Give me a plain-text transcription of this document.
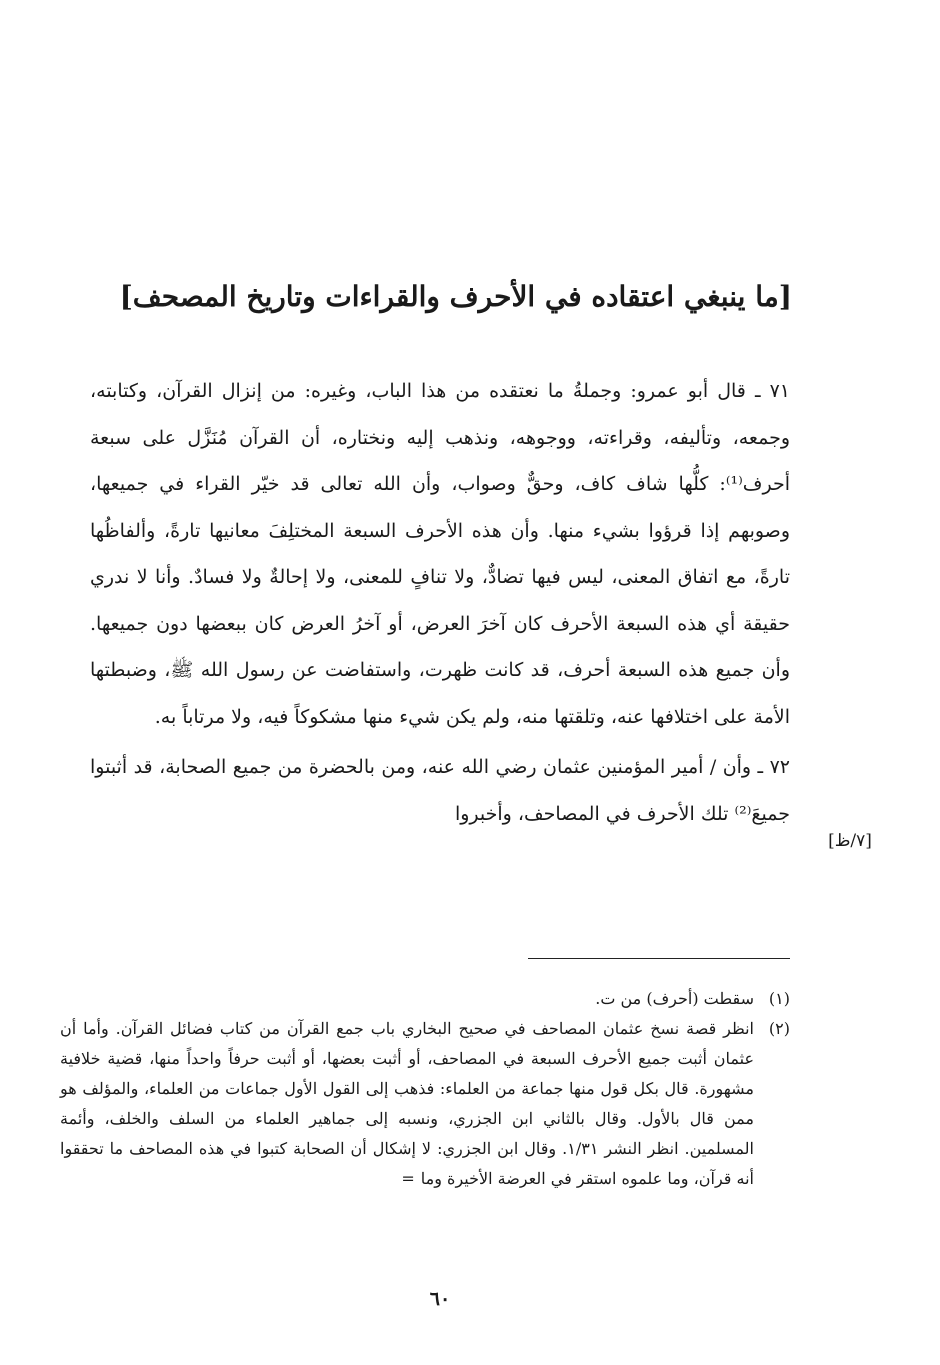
[ما ينبغي اعتقاده في الأحرف والقراءات وتاريخ المصحف]

٧١ ـ قال أبو عمرو: وجملةُ ما نعتقده من هذا الباب، وغيره: من إنزال القرآن، وكتابته، وجمعه، وتأليفه، وقراءته، ووجوهه، ونذهب إليه ونختاره، أن القرآن مُنَزَّل على سبعة أحرف⁽¹⁾: كلُّها شاف كاف، وحقٌّ وصواب، وأن الله تعالى قد خيّر القراء في جميعها، وصوبهم إذا قرؤوا بشيء منها. وأن هذه الأحرف السبعة المختلِفَ معانيها تارةً، وألفاظُها تارةً، مع اتفاق المعنى، ليس فيها تضادٌّ، ولا تنافٍ للمعنى، ولا إحالةٌ ولا فسادٌ. وأنا لا ندري حقيقة أي هذه السبعة الأحرف كان آخرَ العرض، أو آخرُ العرض كان ببعضها دون جميعها. وأن جميع هذه السبعة أحرف، قد كانت ظهرت، واستفاضت عن رسول الله ﷺ، وضبطتها الأمة على اختلافها عنه، وتلقتها منه، ولم يكن شيء منها مشكوكاً فيه، ولا مرتاباً به.

٧٢ ـ وأن / أمير المؤمنين عثمان رضي الله عنه، ومن بالحضرة من جميع الصحابة، قد أثبتوا جميعَ⁽²⁾ تلك الأحرف في المصاحف، وأخبروا

[٧/ظ]
(١)
سقطت (أحرف) من ت.
(٢)
انظر قصة نسخ عثمان المصاحف في صحيح البخاري باب جمع القرآن من كتاب فضائل القرآن. وأما أن عثمان أثبت جميع الأحرف السبعة في المصاحف، أو أثبت بعضها، أو أثبت حرفاً واحداً منها، قضية خلافية مشهورة. قال بكل قول منها جماعة من العلماء: فذهب إلى القول الأول جماعات من العلماء، والمؤلف هو ممن قال بالأول. وقال بالثاني ابن الجزري، ونسبه إلى جماهير العلماء من السلف والخلف، وأئمة المسلمين. انظر النشر ١/٣١. وقال ابن الجزري: لا إشكال أن الصحابة كتبوا في هذه المصاحف ما تحققوا أنه قرآن، وما علموه استقر في العرضة الأخيرة وما=
٦٠
